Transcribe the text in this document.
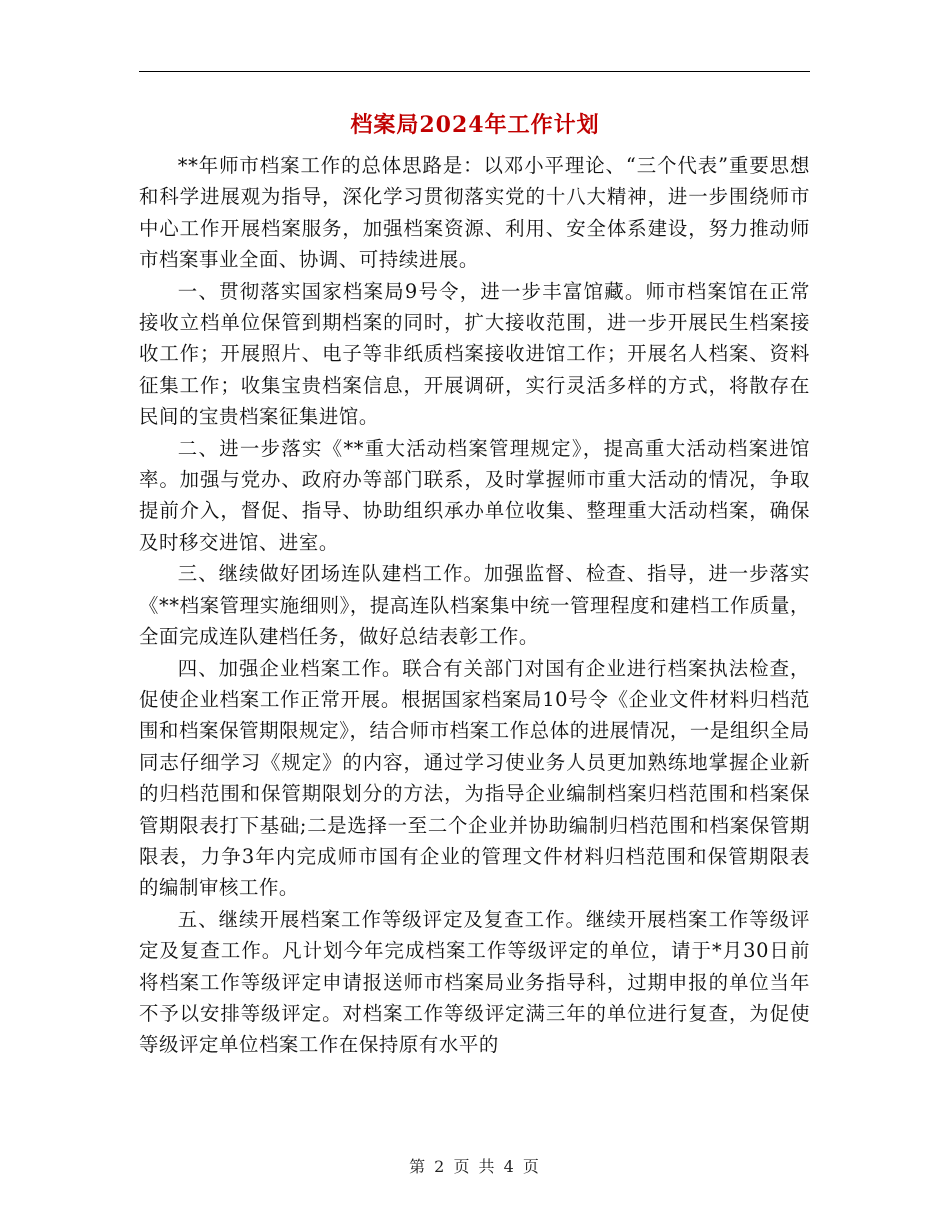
档案局2024年工作计划

**年师市档案工作的总体思路是：以邓小平理论、“三个代表”重要思想和科学进展观为指导，深化学习贯彻落实党的十八大精神，进一步围绕师市中心工作开展档案服务，加强档案资源、利用、安全体系建设，努力推动师市档案事业全面、协调、可持续进展。

一、贯彻落实国家档案局9号令，进一步丰富馆藏。师市档案馆在正常接收立档单位保管到期档案的同时，扩大接收范围，进一步开展民生档案接收工作；开展照片、电子等非纸质档案接收进馆工作；开展名人档案、资料征集工作；收集宝贵档案信息，开展调研，实行灵活多样的方式，将散存在民间的宝贵档案征集进馆。

二、进一步落实《**重大活动档案管理规定》，提高重大活动档案进馆率。加强与党办、政府办等部门联系，及时掌握师市重大活动的情况，争取提前介入，督促、指导、协助组织承办单位收集、整理重大活动档案，确保及时移交进馆、进室。

三、继续做好团场连队建档工作。加强监督、检查、指导，进一步落实《**档案管理实施细则》，提高连队档案集中统一管理程度和建档工作质量，全面完成连队建档任务，做好总结表彰工作。

四、加强企业档案工作。联合有关部门对国有企业进行档案执法检查，促使企业档案工作正常开展。根据国家档案局10号令《企业文件材料归档范围和档案保管期限规定》，结合师市档案工作总体的进展情况，一是组织全局同志仔细学习《规定》的内容，通过学习使业务人员更加熟练地掌握企业新的归档范围和保管期限划分的方法，为指导企业编制档案归档范围和档案保管期限表打下基础;二是选择一至二个企业并协助编制归档范围和档案保管期限表，力争3年内完成师市国有企业的管理文件材料归档范围和保管期限表的编制审核工作。

五、继续开展档案工作等级评定及复查工作。继续开展档案工作等级评定及复查工作。凡计划今年完成档案工作等级评定的单位，请于*月30日前将档案工作等级评定申请报送师市档案局业务指导科，过期申报的单位当年不予以安排等级评定。对档案工作等级评定满三年的单位进行复查，为促使等级评定单位档案工作在保持原有水平的

第 2 页 共 4 页
